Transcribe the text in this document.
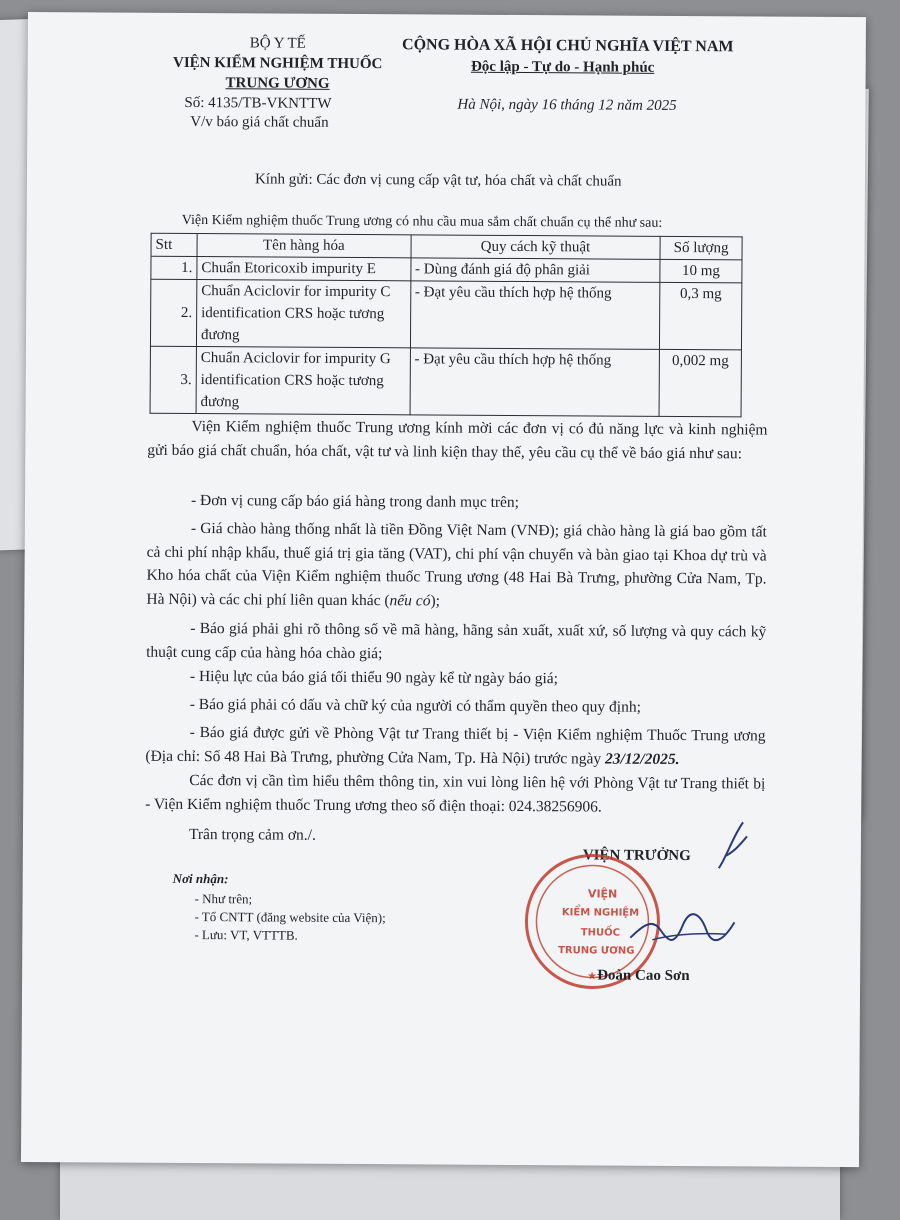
BỘ Y TẾ
VIỆN KIỂM NGHIỆM THUỐC
TRUNG ƯƠNG
Số: 4135/TB-VKNTTW
V/v báo giá chất chuẩn
CỘNG HÒA XÃ HỘI CHỦ NGHĨA VIỆT NAM
Độc lập - Tự do - Hạnh phúc
Hà Nội, ngày 16 tháng 12 năm 2025
Kính gửi: Các đơn vị cung cấp vật tư, hóa chất và chất chuẩn
Viện Kiểm nghiệm thuốc Trung ương có nhu cầu mua sắm chất chuẩn cụ thể như sau:
Stt	Tên hàng hóa	Quy cách kỹ thuật	Số lượng
1.	Chuẩn Etoricoxib impurity E	- Dùng đánh giá độ phân giải	10 mg
2.	Chuẩn Aciclovir for impurity C identification CRS hoặc tương đương	- Đạt yêu cầu thích hợp hệ thống	0,3 mg
3.	Chuẩn Aciclovir for impurity G identification CRS hoặc tương đương	- Đạt yêu cầu thích hợp hệ thống	0,002 mg
Viện Kiểm nghiệm thuốc Trung ương kính mời các đơn vị có đủ năng lực và kinh nghiệm gửi báo giá chất chuẩn, hóa chất, vật tư và linh kiện thay thế, yêu cầu cụ thể về báo giá như sau:
- Đơn vị cung cấp báo giá hàng trong danh mục trên;
- Giá chào hàng thống nhất là tiền Đồng Việt Nam (VNĐ); giá chào hàng là giá bao gồm tất cả chi phí nhập khẩu, thuế giá trị gia tăng (VAT), chi phí vận chuyển và bàn giao tại Khoa dự trù và Kho hóa chất của Viện Kiểm nghiệm thuốc Trung ương (48 Hai Bà Trưng, phường Cửa Nam, Tp. Hà Nội) và các chi phí liên quan khác (nếu có);
- Báo giá phải ghi rõ thông số về mã hàng, hãng sản xuất, xuất xứ, số lượng và quy cách kỹ thuật cung cấp của hàng hóa chào giá;
- Hiệu lực của báo giá tối thiểu 90 ngày kể từ ngày báo giá;
- Báo giá phải có dấu và chữ ký của người có thẩm quyền theo quy định;
- Báo giá được gửi về Phòng Vật tư Trang thiết bị - Viện Kiểm nghiệm Thuốc Trung ương (Địa chỉ: Số 48 Hai Bà Trưng, phường Cửa Nam, Tp. Hà Nội) trước ngày 23/12/2025.
Các đơn vị cần tìm hiểu thêm thông tin, xin vui lòng liên hệ với Phòng Vật tư Trang thiết bị - Viện Kiểm nghiệm thuốc Trung ương theo số điện thoại: 024.38256906.
Trân trọng cảm ơn./.
Nơi nhận:
- Như trên;
- Tổ CNTT (đăng website của Viện);
- Lưu: VT, VTTTB.
VIỆN TRƯỞNG
VIỆN
KIỂM NGHIỆM
THUỐC
TRUNG ƯƠNG
★ Đoàn Cao Sơn
